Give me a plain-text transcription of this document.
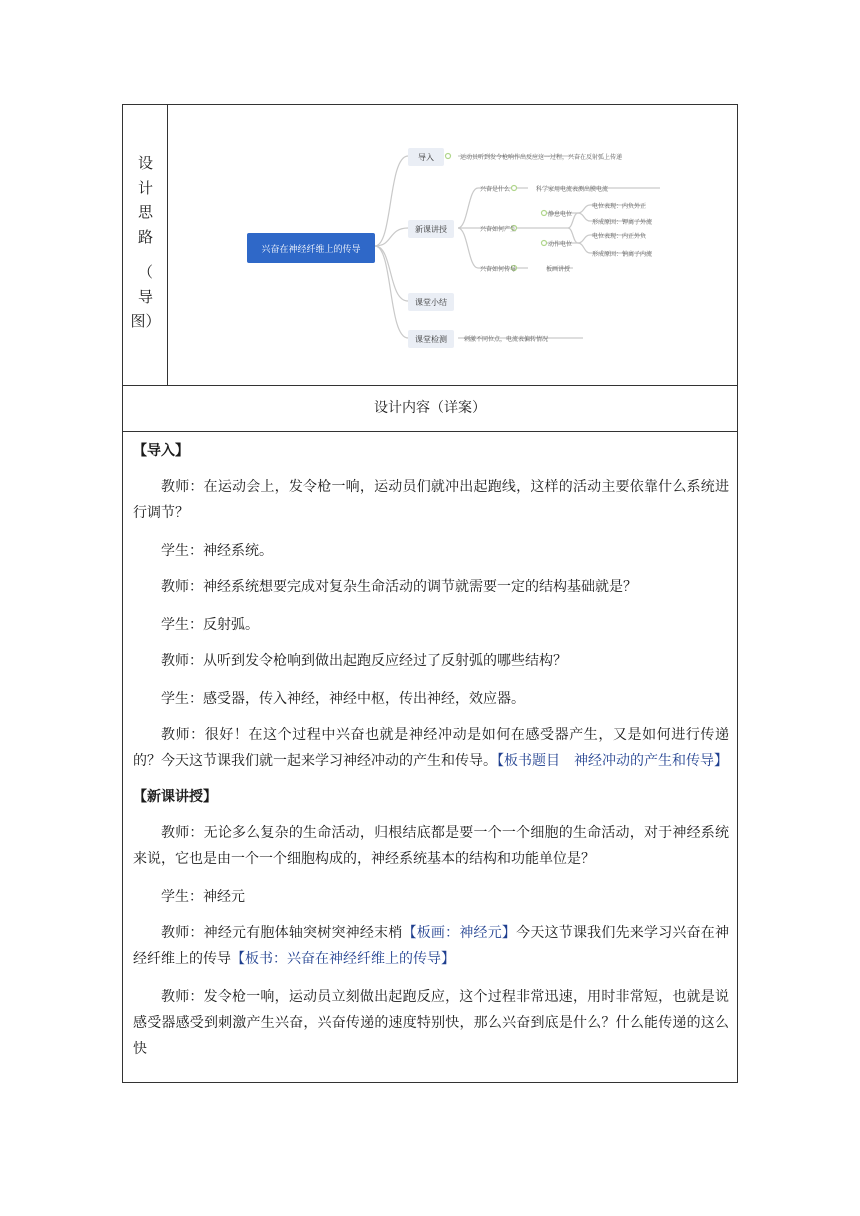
设
计
思
路
（
导
图）
兴奋在神经纤维上的传导
导入	运动员听到发令枪响作出反应这一过程，兴奋在反射弧上传递
新课讲授
兴奋是什么	科学家用电流表测出膜电流
兴奋如何产生
静息电位
电位表现：内负外正
形成原因：钾离子外流
动作电位
电位表现：内正外负
形成原因：钠离子内流
兴奋如何传导	板画讲授
课堂小结
课堂检测	刺激不同位点，电流表偏转情况
设计内容（详案）
【导入】

教师：在运动会上，发令枪一响，运动员们就冲出起跑线，这样的活动主要依靠什么系统进行调节？

学生：神经系统。

教师：神经系统想要完成对复杂生命活动的调节就需要一定的结构基础就是？

学生：反射弧。

教师：从听到发令枪响到做出起跑反应经过了反射弧的哪些结构？

学生：感受器，传入神经，神经中枢，传出神经，效应器。

教师：很好！在这个过程中兴奋也就是神经冲动是如何在感受器产生，又是如何进行传递的？今天这节课我们就一起来学习神经冲动的产生和传导。【板书题目　神经冲动的产生和传导】

【新课讲授】

教师：无论多么复杂的生命活动，归根结底都是要一个一个细胞的生命活动，对于神经系统来说，它也是由一个一个细胞构成的，神经系统基本的结构和功能单位是？

学生：神经元

教师：神经元有胞体轴突树突神经末梢【板画：神经元】今天这节课我们先来学习兴奋在神经纤维上的传导【板书：兴奋在神经纤维上的传导】

教师：发令枪一响，运动员立刻做出起跑反应，这个过程非常迅速，用时非常短，也就是说感受器感受到刺激产生兴奋，兴奋传递的速度特别快，那么兴奋到底是什么？什么能传递的这么快
